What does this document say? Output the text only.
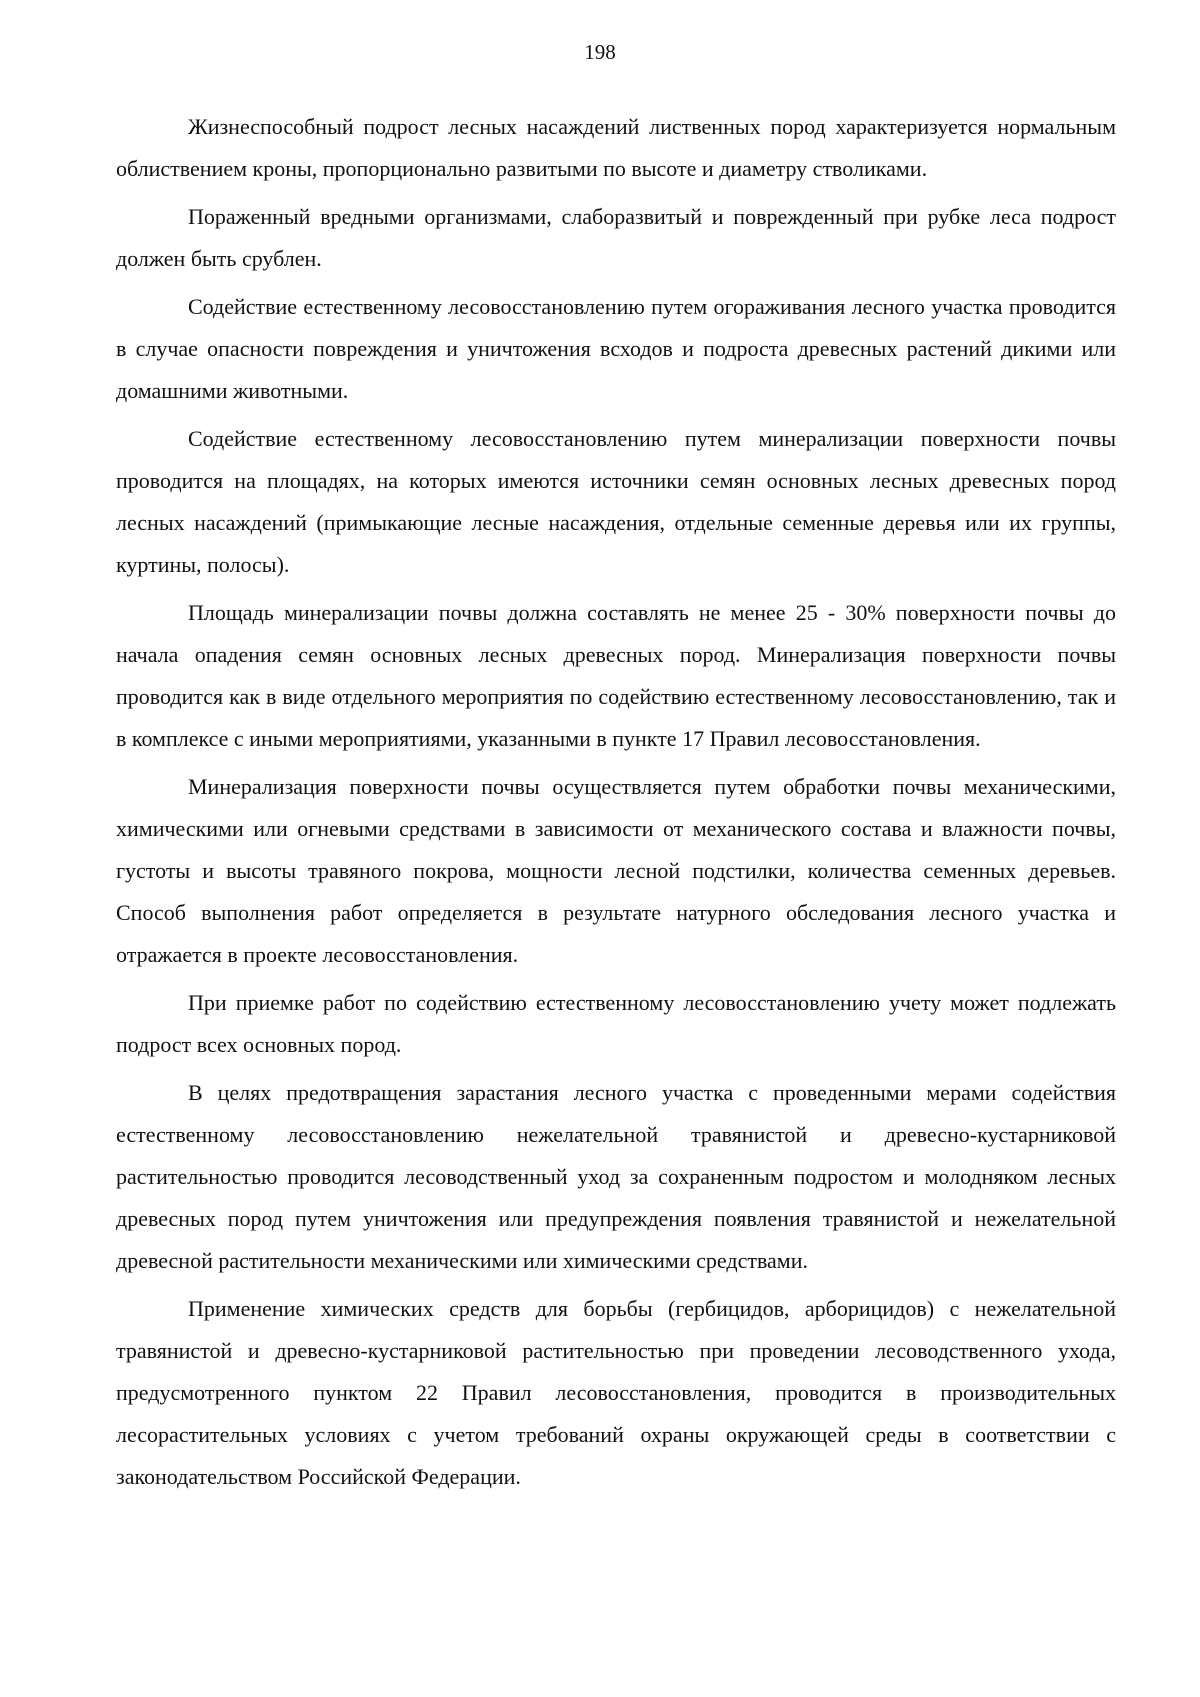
198

Жизнеспособный подрост лесных насаждений лиственных пород характеризуется нормальным облиствением кроны, пропорционально развитыми по высоте и диаметру стволиками.

Пораженный вредными организмами, слаборазвитый и поврежденный при рубке леса подрост должен быть срублен.

Содействие естественному лесовосстановлению путем огораживания лесного участка проводится в случае опасности повреждения и уничтожения всходов и подроста древесных растений дикими или домашними животными.

Содействие естественному лесовосстановлению путем минерализации поверхности почвы проводится на площадях, на которых имеются источники семян основных лесных древесных пород лесных насаждений (примыкающие лесные насаждения, отдельные семенные деревья или их группы, куртины, полосы).

Площадь минерализации почвы должна составлять не менее 25 - 30% поверхности почвы до начала опадения семян основных лесных древесных пород. Минерализация поверхности почвы проводится как в виде отдельного мероприятия по содействию естественному лесовосстановлению, так и в комплексе с иными мероприятиями, указанными в пункте 17 Правил лесовосстановления.

Минерализация поверхности почвы осуществляется путем обработки почвы механическими, химическими или огневыми средствами в зависимости от механического состава и влажности почвы, густоты и высоты травяного покрова, мощности лесной подстилки, количества семенных деревьев. Способ выполнения работ определяется в результате натурного обследования лесного участка и отражается в проекте лесовосстановления.

При приемке работ по содействию естественному лесовосстановлению учету может подлежать подрост всех основных пород.

В целях предотвращения зарастания лесного участка с проведенными мерами содействия естественному лесовосстановлению нежелательной травянистой и древесно-кустарниковой растительностью проводится лесоводственный уход за сохраненным подростом и молодняком лесных древесных пород путем уничтожения или предупреждения появления травянистой и нежелательной древесной растительности механическими или химическими средствами.

Применение химических средств для борьбы (гербицидов, арборицидов) с нежелательной травянистой и древесно-кустарниковой растительностью при проведении лесоводственного ухода, предусмотренного пунктом 22 Правил лесовосстановления, проводится в производительных лесорастительных условиях с учетом требований охраны окружающей среды в соответствии с законодательством Российской Федерации.
